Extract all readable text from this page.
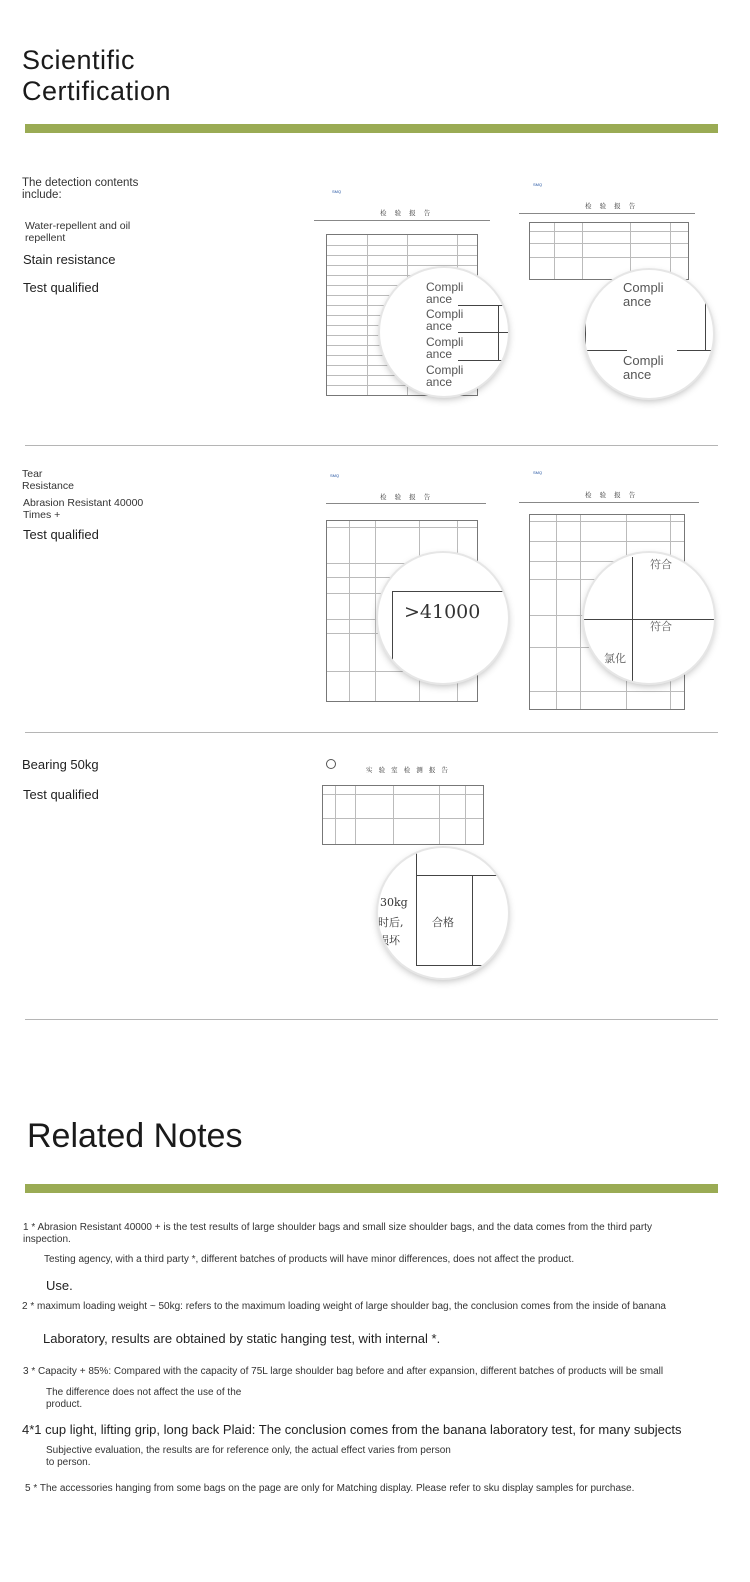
Scientific
Certification
The detection contents include:
Water-repellent and oil repellent
Stain resistance
Test qualified
SMQ
检 验 报 告
Compli ance
Compli ance
Compli ance
Compli ance
SMQ
检 验 报 告
Compli ance
Compli ance
Tear Resistance
Abrasion Resistant 40000 Times +
Test qualified
SMQ
检 验 报 告
>41000
SMQ
检 验 报 告
符合
符合
氯化
Bearing 50kg
Test qualified
实 验 室 检 测 报 告
30kg
时后,
损坏
合格
Related Notes
1 * Abrasion Resistant 40000 + is the test results of large shoulder bags and small size shoulder bags, and the data comes from the third party inspection.
Testing agency, with a third party *, different batches of products will have minor differences, does not affect the product.
Use.
2 * maximum loading weight ~ 50kg: refers to the maximum loading weight of large shoulder bag, the conclusion comes from the inside of banana
Laboratory, results are obtained by static hanging test, with internal *.
3 * Capacity + 85%: Compared with the capacity of 75L large shoulder bag before and after expansion, different batches of products will be small
The difference does not affect the use of the product.
4*1 cup light, lifting grip, long back Plaid: The conclusion comes from the banana laboratory test, for many subjects
Subjective evaluation, the results are for reference only, the actual effect varies from person to person.
5 * The accessories hanging from some bags on the page are only for Matching display. Please refer to sku display samples for purchase.
